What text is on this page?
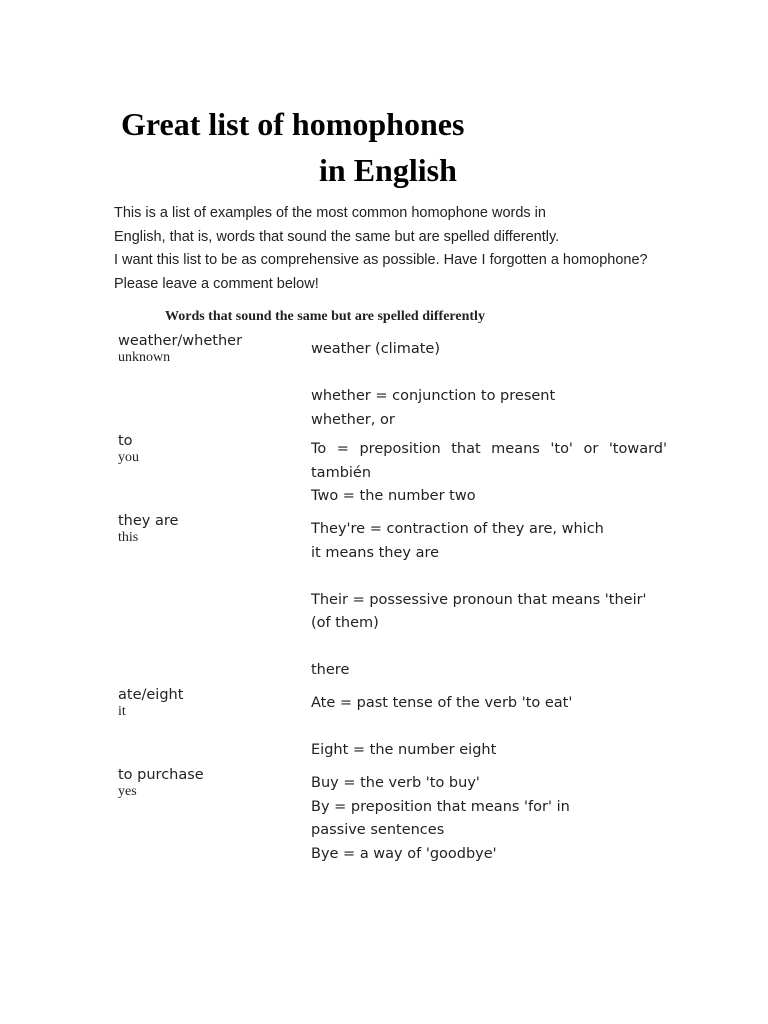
Great list of homophones
in English

This is a list of examples of the most common homophone words in

English, that is, words that sound the same but are spelled differently.

I want this list to be as comprehensive as possible. Have I forgotten a homophone?

Please leave a comment below!

Words that sound the same but are spelled differently
weather/whether
unknown

weather (climate)

whether = conjunction to present

whether, or

to
you

To = preposition that means 'to' or 'toward' también

Two = the number two

they are
this

They're = contraction of they are, which

it means they are

Their = possessive pronoun that means 'their'

(of them)

there

ate/eight
it

Ate = past tense of the verb 'to eat'

Eight = the number eight

to purchase
yes

Buy = the verb 'to buy'

By = preposition that means 'for' in

passive sentences

Bye = a way of 'goodbye'
